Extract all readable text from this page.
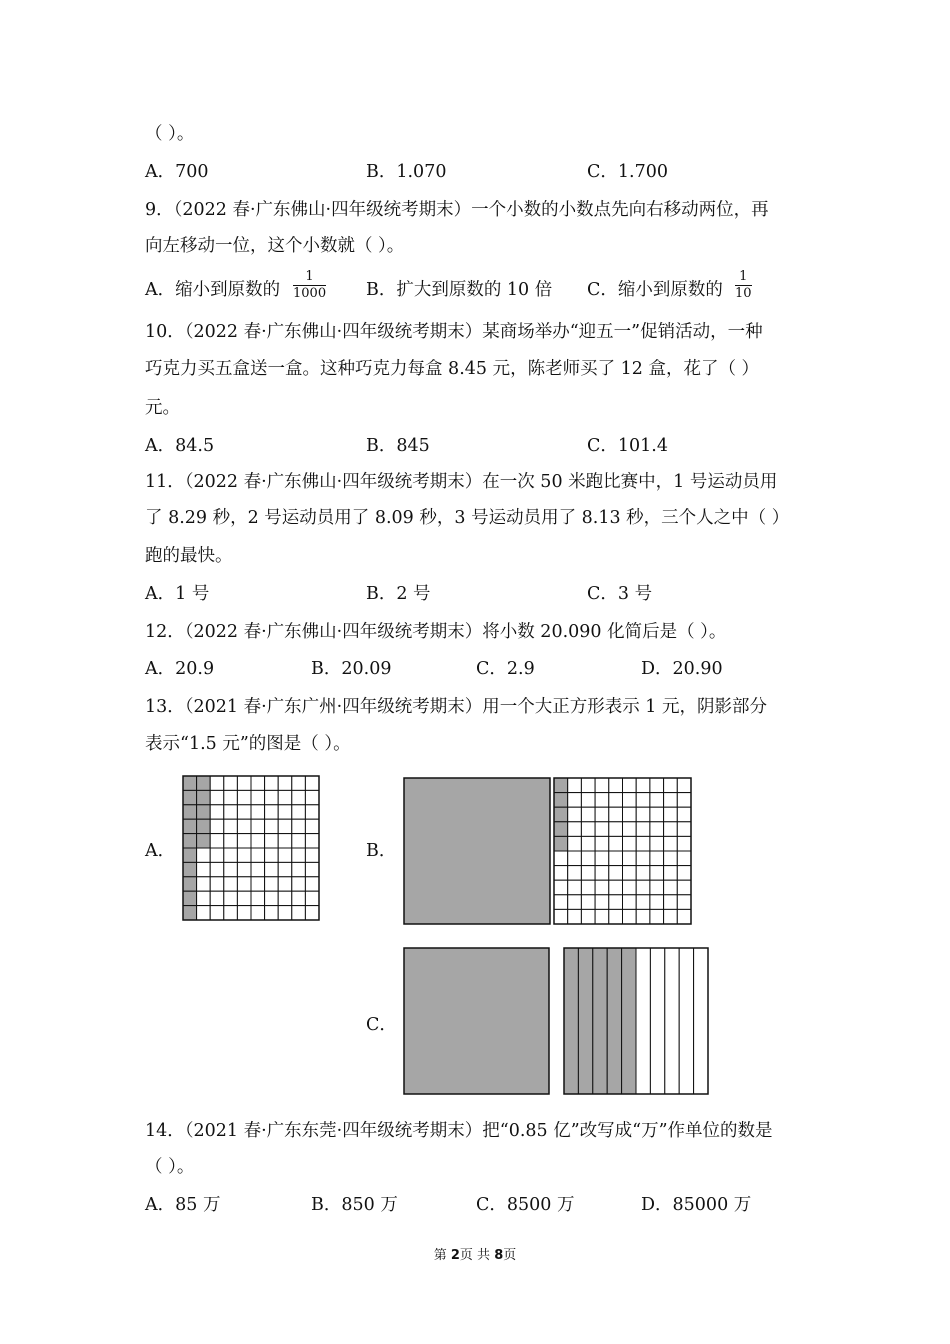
（ ）。
A．700	B．1.070	C．1.700
9．（2022 春·广东佛山·四年级统考期末）一个小数的小数点先向右移动两位，再
向左移动一位，这个小数就（ ）。
A．缩小到原数的
1
1000 B．扩大到原数的 10 倍 C．缩小到原数的
1
10
10．（2022 春·广东佛山·四年级统考期末）某商场举办“迎五一”促销活动，一种
巧克力买五盒送一盒。这种巧克力每盒 8.45 元，陈老师买了 12 盒，花了（ ）
元。
A．84.5	B．845	C．101.4
11．（2022 春·广东佛山·四年级统考期末）在一次 50 米跑比赛中，1 号运动员用
了 8.29 秒，2 号运动员用了 8.09 秒，3 号运动员用了 8.13 秒，三个人之中（ ）
跑的最快。
A．1 号	B．2 号	C．3 号
12．（2022 春·广东佛山·四年级统考期末）将小数 20.090 化简后是（ ）。
A．20.9	B．20.09	C．2.9	D．20.90
13．（2021 春·广东广州·四年级统考期末）用一个大正方形表示 1 元，阴影部分
表示“1.5 元”的图是（ ）。
A．	B．
C．
14．（2021 春·广东东莞·四年级统考期末）把“0.85 亿”改写成“万”作单位的数是
（ ）。
A．85 万	B．850 万	C．8500 万	D．85000 万
第 2页 共 8页
